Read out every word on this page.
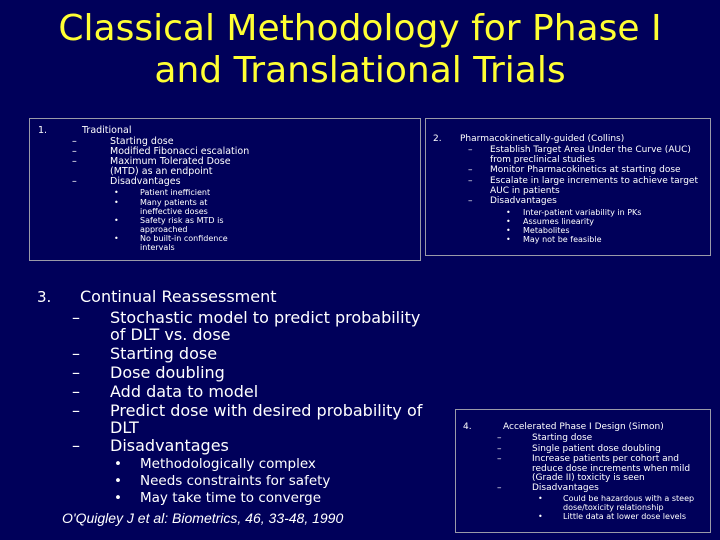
Classical Methodology for Phase I
and Translational Trials
1.	Traditional
–	Starting dose
–	Modified Fibonacci escalation
–	Maximum Tolerated Dose
(MTD) as an endpoint
–	Disadvantages
•	Patient inefficient
•	Many patients at
ineffective doses
•	Safety risk as MTD is
approached
•	No built-in confidence
intervals
2. Pharmacokinetically-guided (Collins)
– Establish Target Area Under the Curve (AUC)
from preclinical studies
– Monitor Pharmacokinetics at starting dose
– Escalate in large increments to achieve target
AUC in patients
– Disadvantages
• Inter-patient variability in PKs
• Assumes linearity
• Metabolites
• May not be feasible
3. Continual Reassessment
– Stochastic model to predict probability
of DLT vs. dose
– Starting dose
– Dose doubling
– Add data to model
– Predict dose with desired probability of
DLT
– Disadvantages
• Methodologically complex
• Needs constraints for safety
• May take time to converge
O'Quigley J et al: Biometrics, 46, 33-48, 1990
4.	Accelerated Phase I Design (Simon)
–	Starting dose
–	Single patient dose doubling
–	Increase patients per cohort and
reduce dose increments when mild
(Grade II) toxicity is seen
–	Disadvantages
•	Could be hazardous with a steep
dose/toxicity relationship
•	Little data at lower dose levels
